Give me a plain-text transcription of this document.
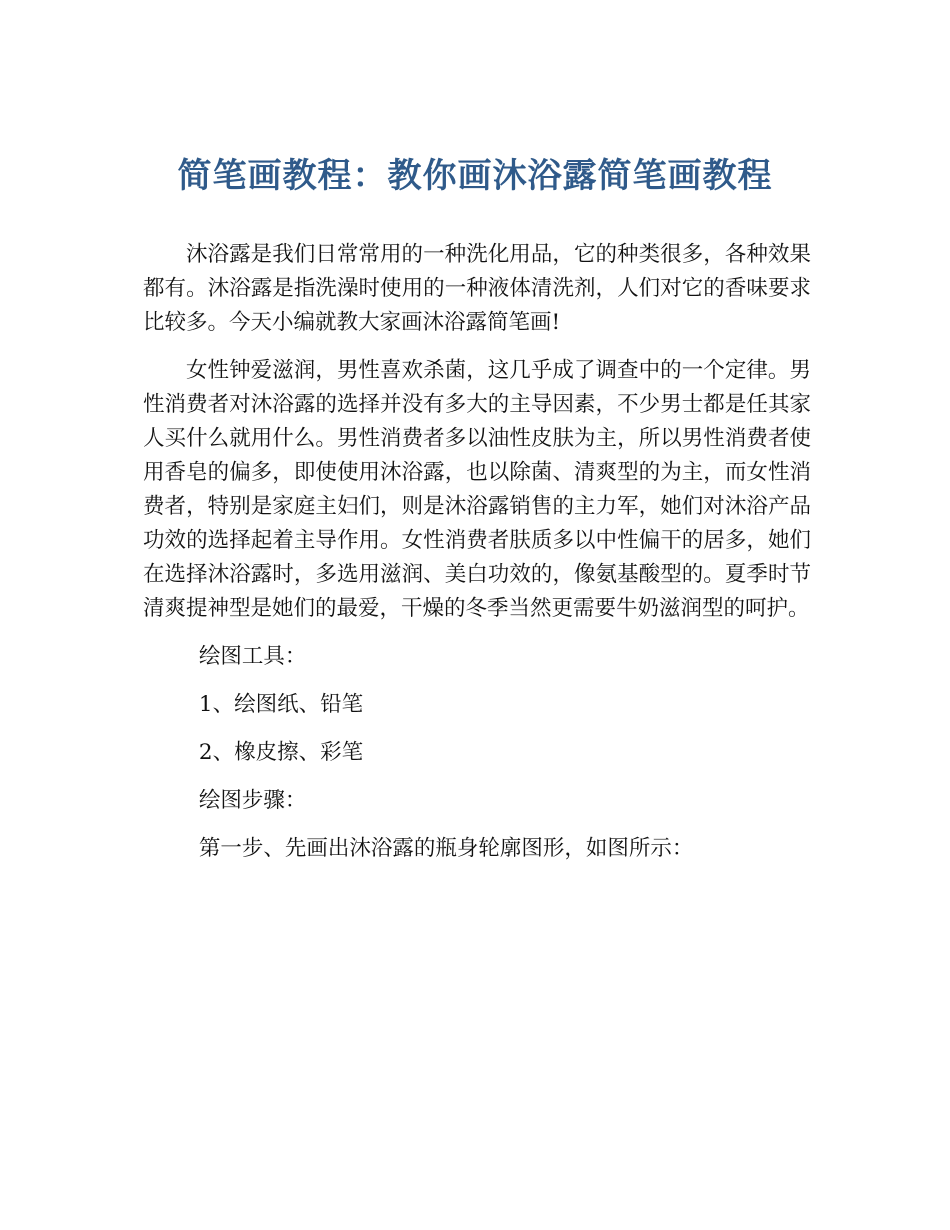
简笔画教程：教你画沐浴露简笔画教程

沐浴露是我们日常常用的一种洗化用品，它的种类很多，各种效果都有。沐浴露是指洗澡时使用的一种液体清洗剂，人们对它的香味要求比较多。今天小编就教大家画沐浴露简笔画!

女性钟爱滋润，男性喜欢杀菌，这几乎成了调查中的一个定律。男性消费者对沐浴露的选择并没有多大的主导因素，不少男士都是任其家人买什么就用什么。男性消费者多以油性皮肤为主，所以男性消费者使用香皂的偏多，即使使用沐浴露，也以除菌、清爽型的为主，而女性消费者，特别是家庭主妇们，则是沐浴露销售的主力军，她们对沐浴产品功效的选择起着主导作用。女性消费者肤质多以中性偏干的居多，她们在选择沐浴露时，多选用滋润、美白功效的，像氨基酸型的。夏季时节清爽提神型是她们的最爱，干燥的冬季当然更需要牛奶滋润型的呵护。

绘图工具：

1、绘图纸、铅笔

2、橡皮擦、彩笔

绘图步骤：

第一步、先画出沐浴露的瓶身轮廓图形，如图所示：
